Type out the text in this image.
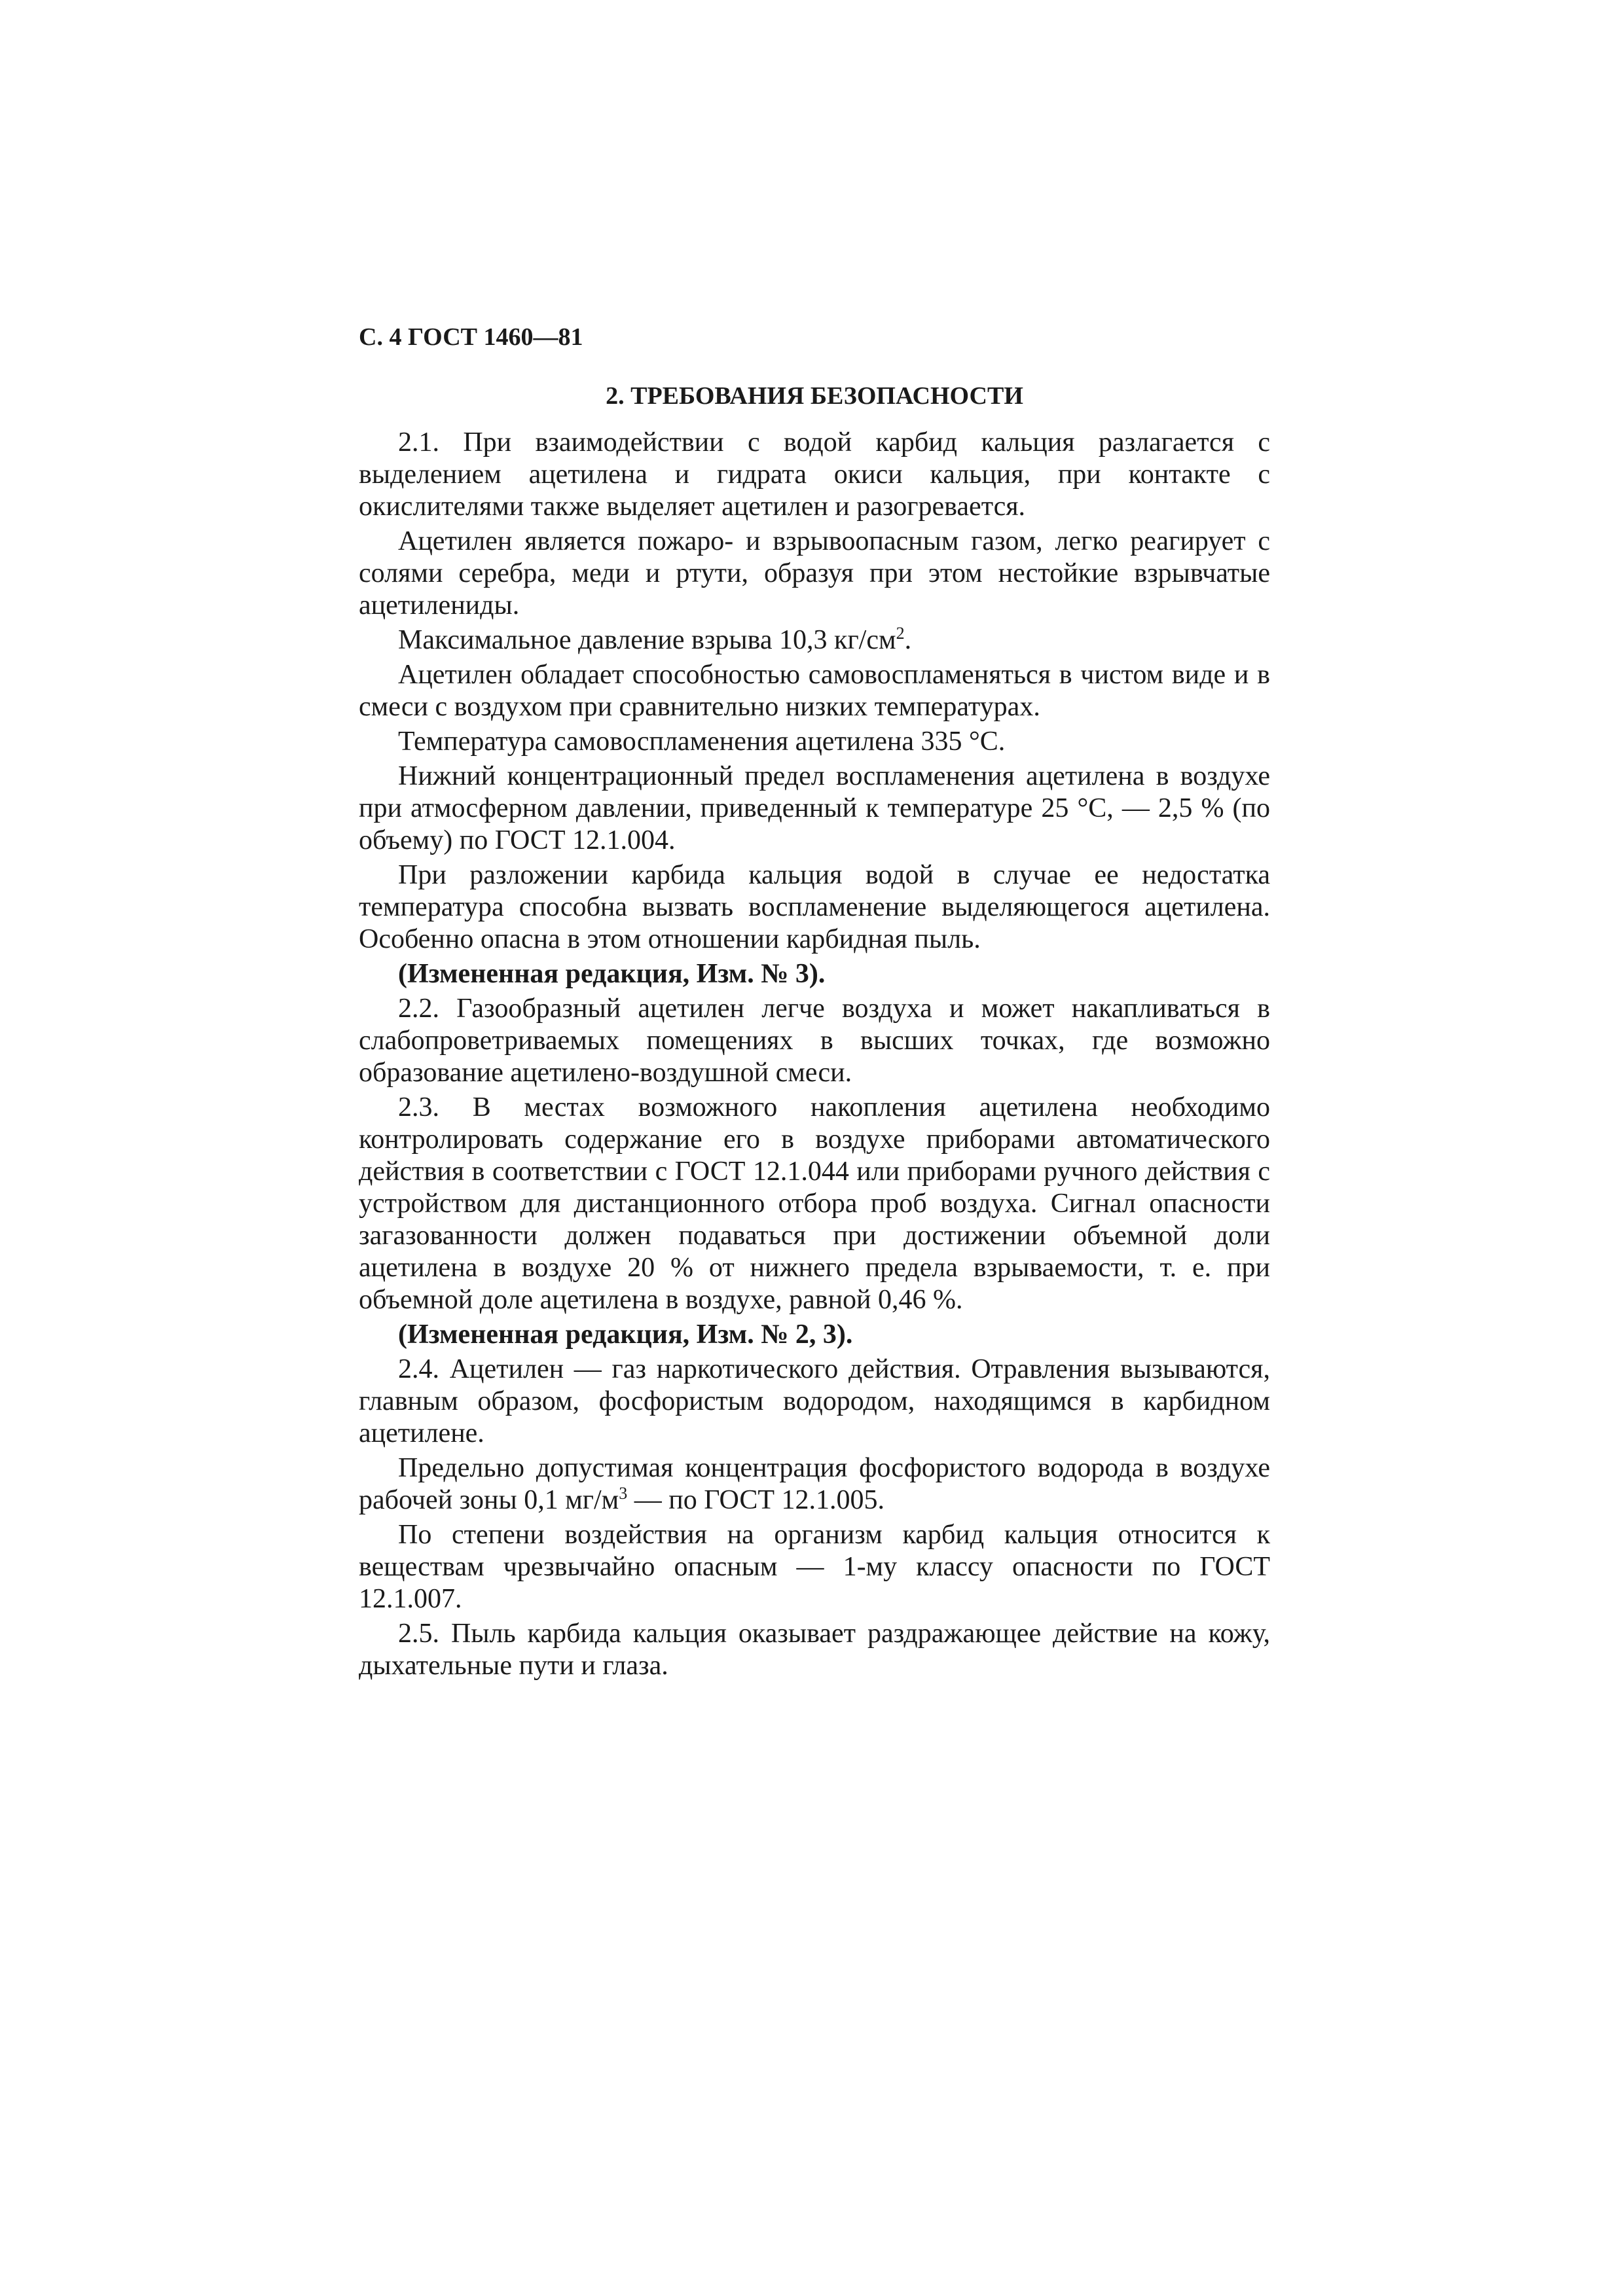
С. 4 ГОСТ 1460—81
2. ТРЕБОВАНИЯ БЕЗОПАСНОСТИ

2.1. При взаимодействии с водой карбид кальция разлагается с выделением ацетилена и гидрата окиси кальция, при контакте с окислителями также выделяет ацетилен и разогревается.

Ацетилен является пожаро- и взрывоопасным газом, легко реагирует с солями серебра, меди и ртути, образуя при этом нестойкие взрывчатые ацетилениды.

Максимальное давление взрыва 10,3 $кг/см^2$.

Ацетилен обладает способностью самовоспламеняться в чистом виде и в смеси с воздухом при сравнительно низких температурах.

Температура самовоспламенения ацетилена 335 °С.

Нижний концентрационный предел воспламенения ацетилена в воздухе при атмосферном давлении, приведенный к температуре 25 °С, — 2,5 % (по объему) по ГОСТ 12.1.004.

При разложении карбида кальция водой в случае ее недостатка температура способна вызвать воспламенение выделяющегося ацетилена. Особенно опасна в этом отношении карбидная пыль.

(Измененная редакция, Изм. № 3).

2.2. Газообразный ацетилен легче воздуха и может накапливаться в слабопроветриваемых помещениях в высших точках, где возможно образование ацетилено-воздушной смеси.

2.3. В местах возможного накопления ацетилена необходимо контролировать содержание его в воздухе приборами автоматического действия в соответствии с ГОСТ 12.1.044 или приборами ручного действия с устройством для дистанционного отбора проб воздуха. Сигнал опасности загазованности должен подаваться при достижении объемной доли ацетилена в воздухе 20 % от нижнего предела взрываемости, т. е. при объемной доле ацетилена в воздухе, равной 0,46 %.

(Измененная редакция, Изм. № 2, 3).

2.4. Ацетилен — газ наркотического действия. Отравления вызываются, главным образом, фосфористым водородом, находящимся в карбидном ацетилене.

Предельно допустимая концентрация фосфористого водорода в воздухе рабочей зоны 0,1 $мг/м^3$ — по ГОСТ 12.1.005.

По степени воздействия на организм карбид кальция относится к веществам чрезвычайно опасным — 1-му классу опасности по ГОСТ 12.1.007.

2.5. Пыль карбида кальция оказывает раздражающее действие на кожу, дыхательные пути и глаза.
